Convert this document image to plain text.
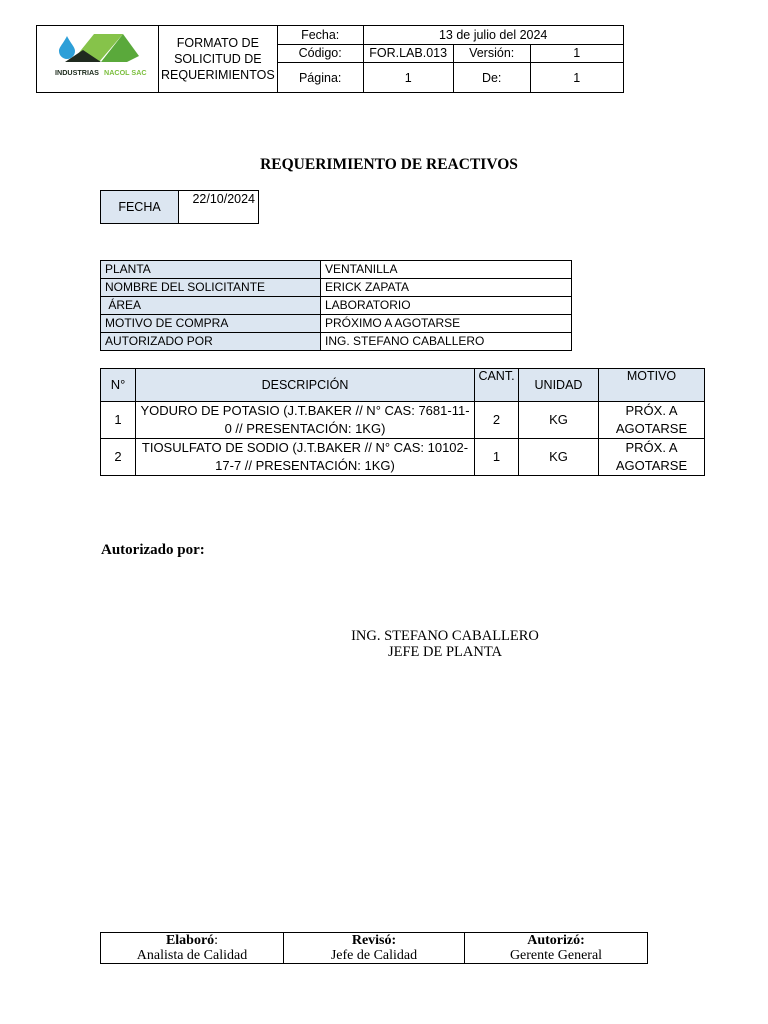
INDUSTRIAS NACOL SAC	FORMATO DE SOLICITUD DE REQUERIMIENTOS	Fecha:	13 de julio del 2024		
		Código:	FOR.LAB.013	Versión:	1
		Página:	1	De:	1
REQUERIMIENTO DE REACTIVOS
FECHA	22/10/2024
PLANTA	VENTANILLA
NOMBRE DEL SOLICITANTE	ERICK ZAPATA
ÁREA	LABORATORIO
MOTIVO DE COMPRA	PRÓXIMO A AGOTARSE
AUTORIZADO POR	ING. STEFANO CABALLERO
N°	DESCRIPCIÓN	CANT.	UNIDAD	MOTIVO
1	YODURO DE POTASIO (J.T.BAKER // N° CAS: 7681-11-0 // PRESENTACIÓN: 1KG)	2	KG	PRÓX. A AGOTARSE
2	TIOSULFATO DE SODIO (J.T.BAKER // N° CAS: 10102-17-7 // PRESENTACIÓN: 1KG)	1	KG	PRÓX. A AGOTARSE
Autorizado por:
ING. STEFANO CABALLERO
JEFE DE PLANTA
Elaboró:
Analista de Calidad

Revisó:
Jefe de Calidad

Autorizó:
Gerente General
